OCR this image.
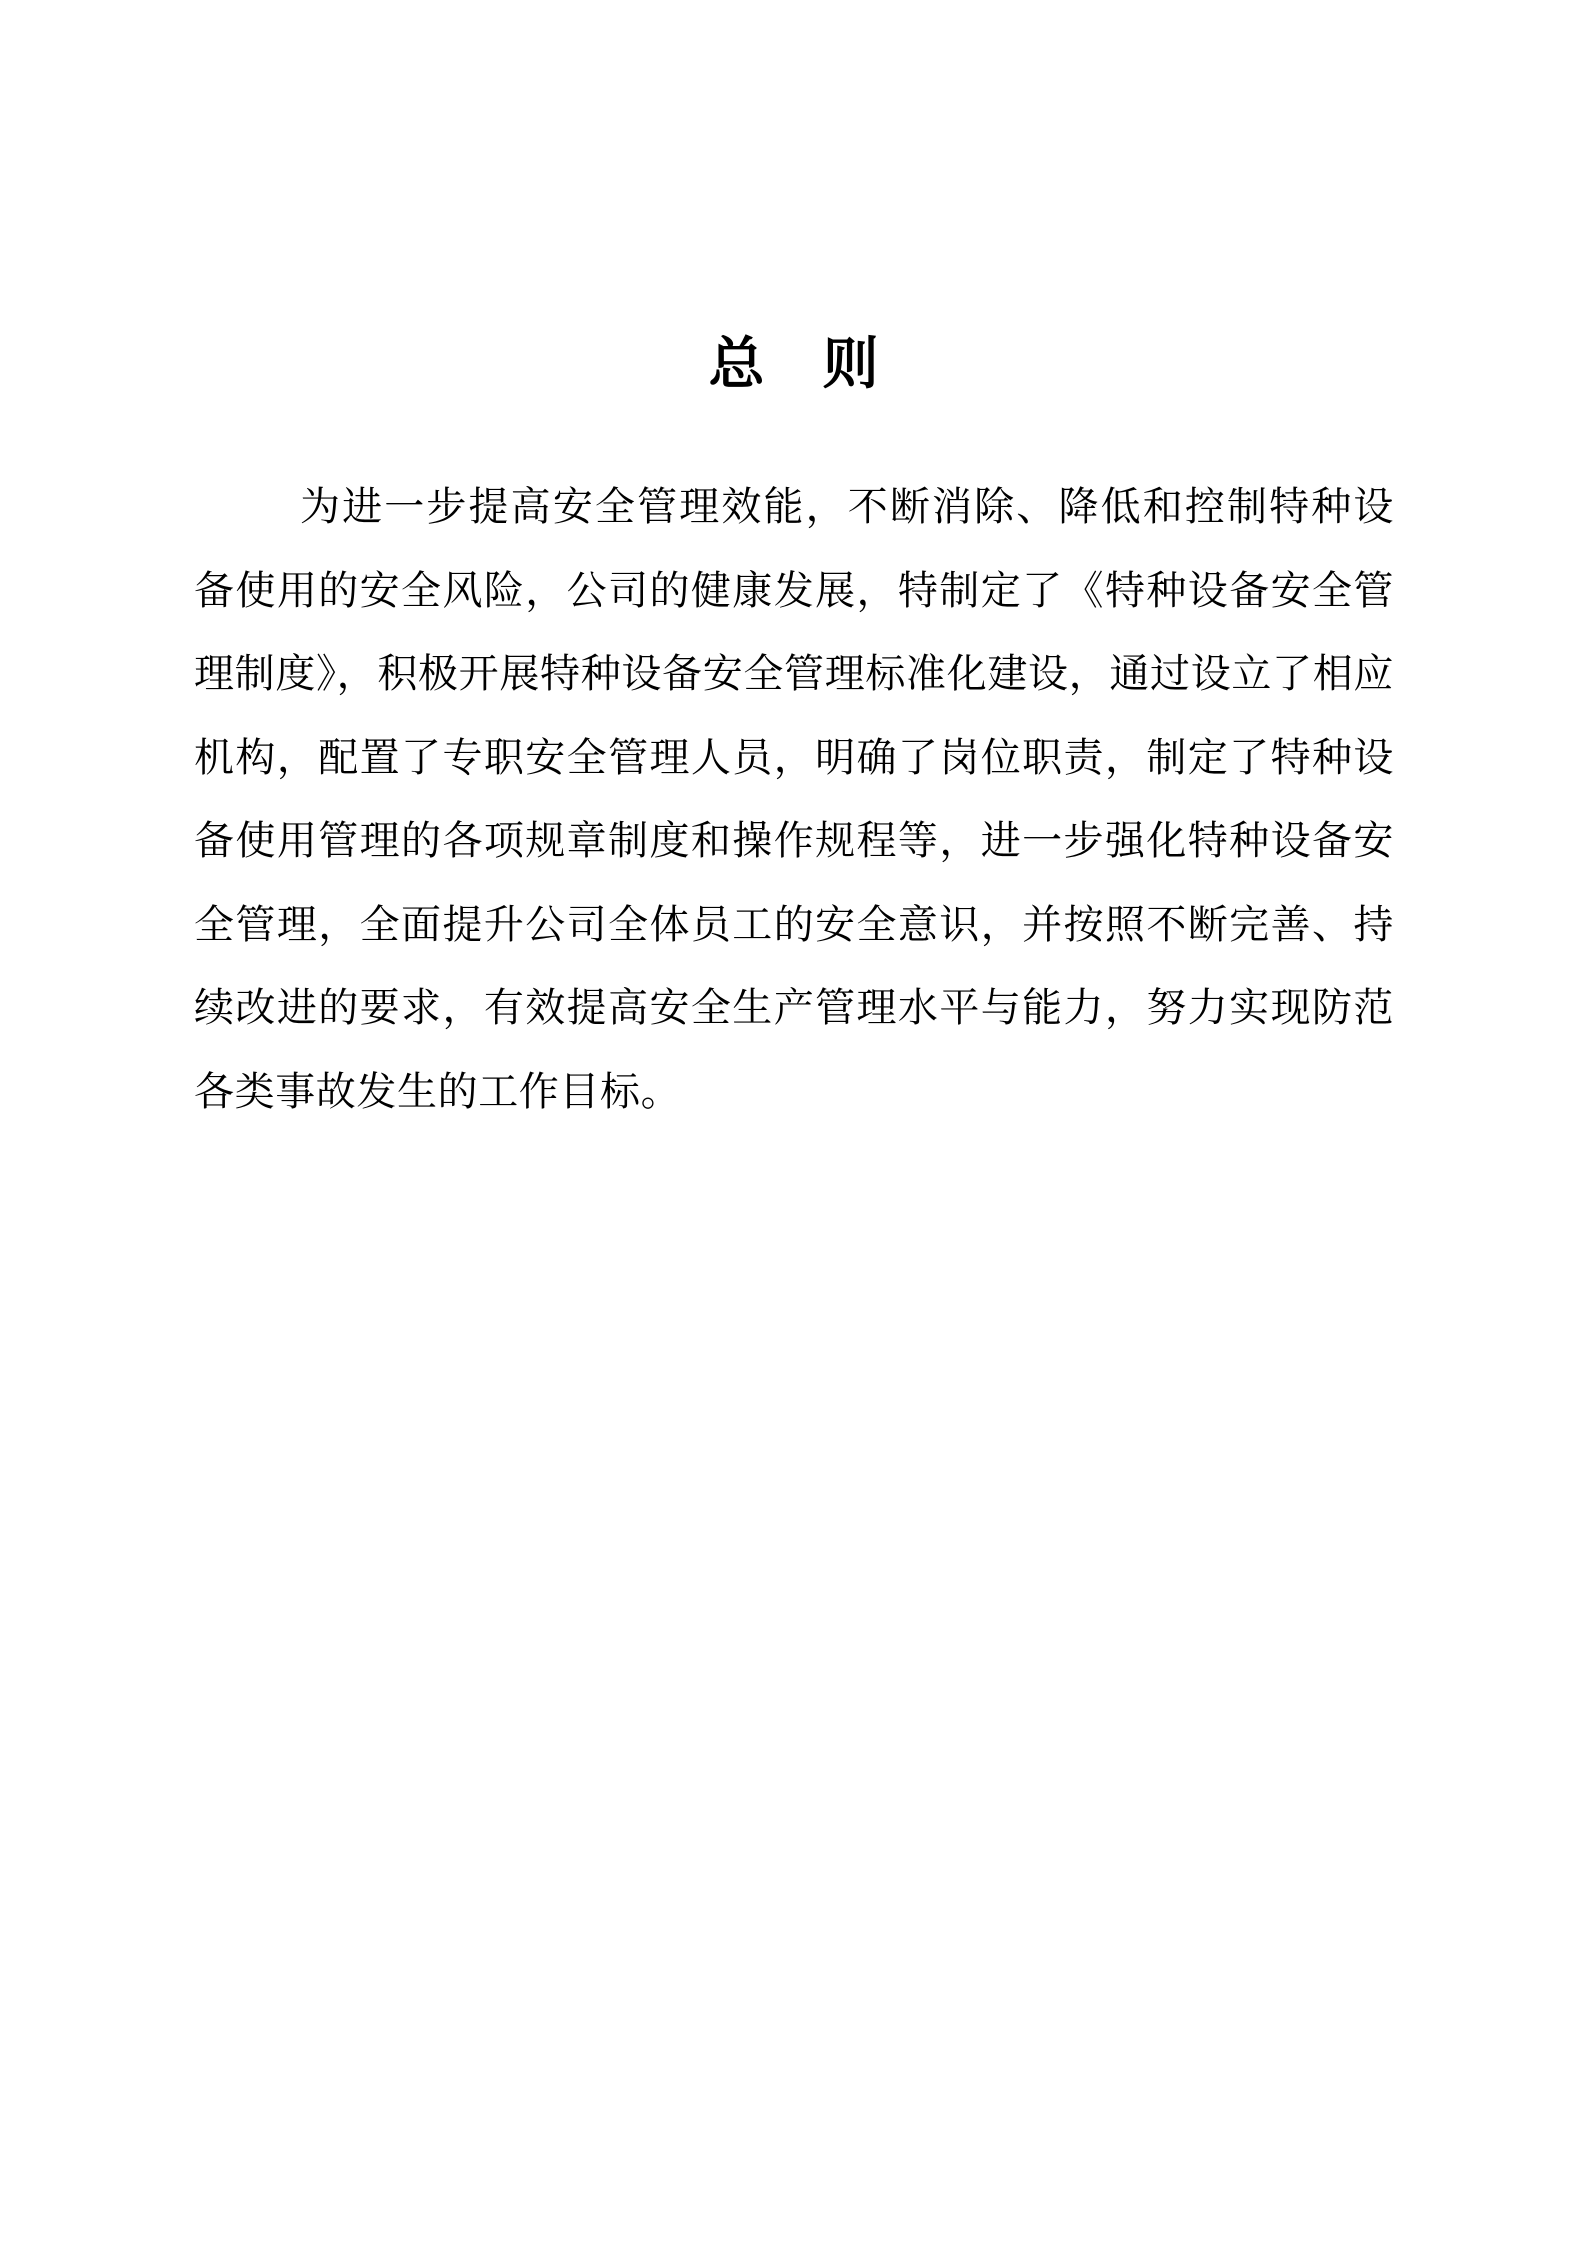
总则

为进一步提高安全管理效能，不断消除、降低和控制特种设备使用的安全风险，公司的健康发展，特制定了《特种设备安全管理制度》，积极开展特种设备安全管理标准化建设，通过设立了相应机构，配置了专职安全管理人员，明确了岗位职责，制定了特种设备使用管理的各项规章制度和操作规程等，进一步强化特种设备安全管理，全面提升公司全体员工的安全意识，并按照不断完善、持续改进的要求，有效提高安全生产管理水平与能力，努力实现防范各类事故发生的工作目标。
